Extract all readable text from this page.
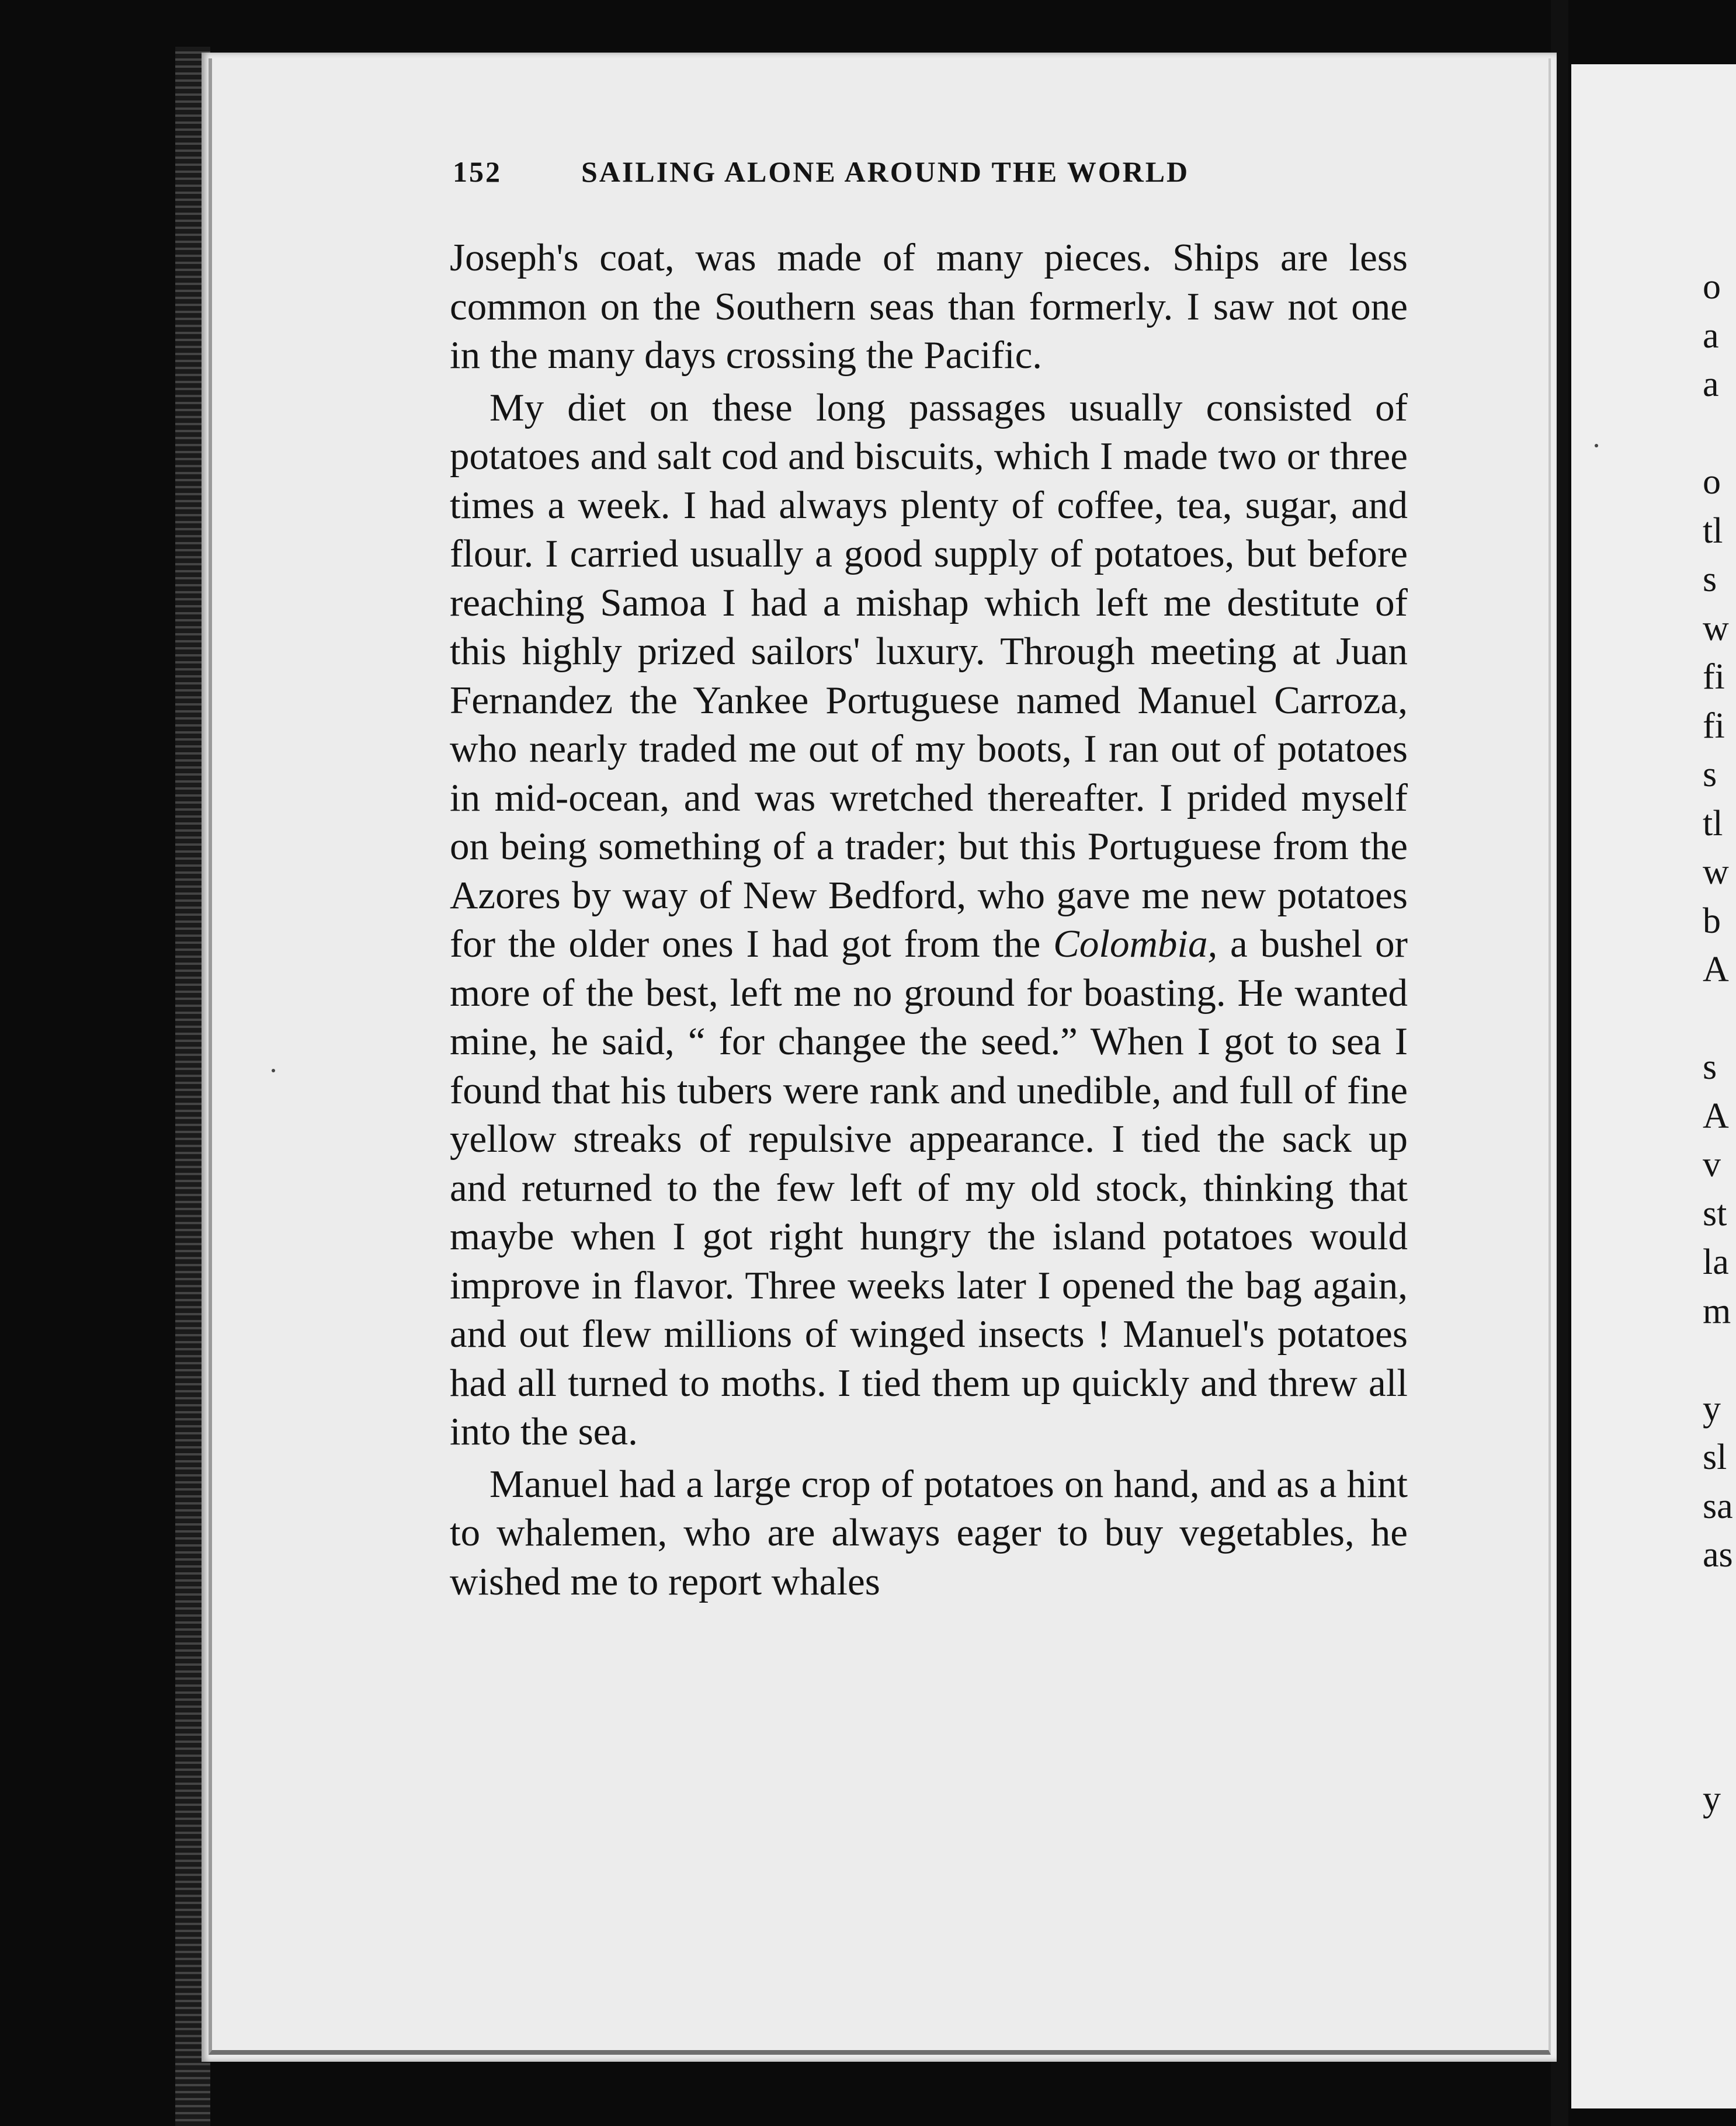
152	SAILING ALONE AROUND THE WORLD

Joseph's coat, was made of many pieces. Ships are less common on the Southern seas than formerly. I saw not one in the many days crossing the Pacific.

My diet on these long passages usually consisted of potatoes and salt cod and biscuits, which I made two or three times a week. I had always plenty of coffee, tea, sugar, and flour. I carried usually a good supply of potatoes, but before reaching Samoa I had a mishap which left me destitute of this highly prized sailors' luxury. Through meeting at Juan Fernandez the Yankee Portuguese named Manuel Carroza, who nearly traded me out of my boots, I ran out of potatoes in mid-ocean, and was wretched thereafter. I prided myself on being something of a trader; but this Portuguese from the Azores by way of New Bedford, who gave me new potatoes for the older ones I had got from the Colombia, a bushel or more of the best, left me no ground for boasting. He wanted mine, he said, “ for changee the seed.” When I got to sea I found that his tubers were rank and unedible, and full of fine yellow streaks of repulsive appearance. I tied the sack up and returned to the few left of my old stock, thinking that maybe when I got right hungry the island potatoes would improve in flavor. Three weeks later I opened the bag again, and out flew millions of winged insects ! Manuel's potatoes had all turned to moths. I tied them up quickly and threw all into the sea.

Manuel had a large crop of potatoes on hand, and as a hint to whalemen, who are always eager to buy vegetables, he wished me to report whales

o
a
a
o
tl
s
w
fi
fi
s
tl
w
b
A
s
A
v
st
la
m
y
sl
sa
as
y
